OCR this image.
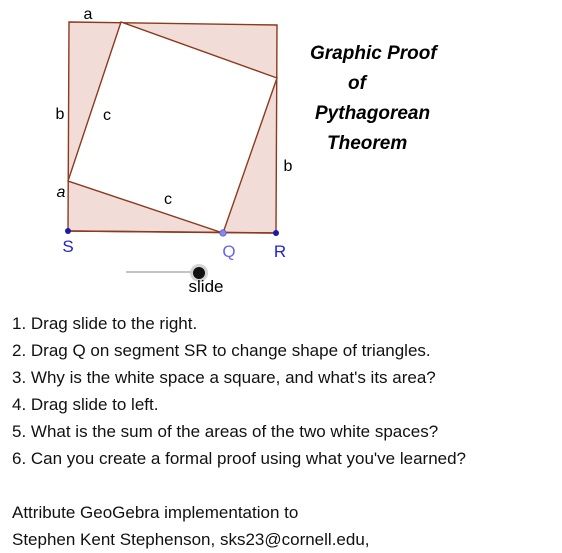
a
b c
b
a	c
S	Q R
slide
Graphic Proof
of
Pythagorean
Theorem
1. Drag slide to the right.
2. Drag Q on segment SR to change shape of triangles.
3. Why is the white space a square, and what's its area?
4. Drag slide to left.
5. What is the sum of the areas of the two white spaces?
6. Can you create a formal proof using what you've learned?
Attribute GeoGebra implementation to
Stephen Kent Stephenson, sks23@cornell.edu,
